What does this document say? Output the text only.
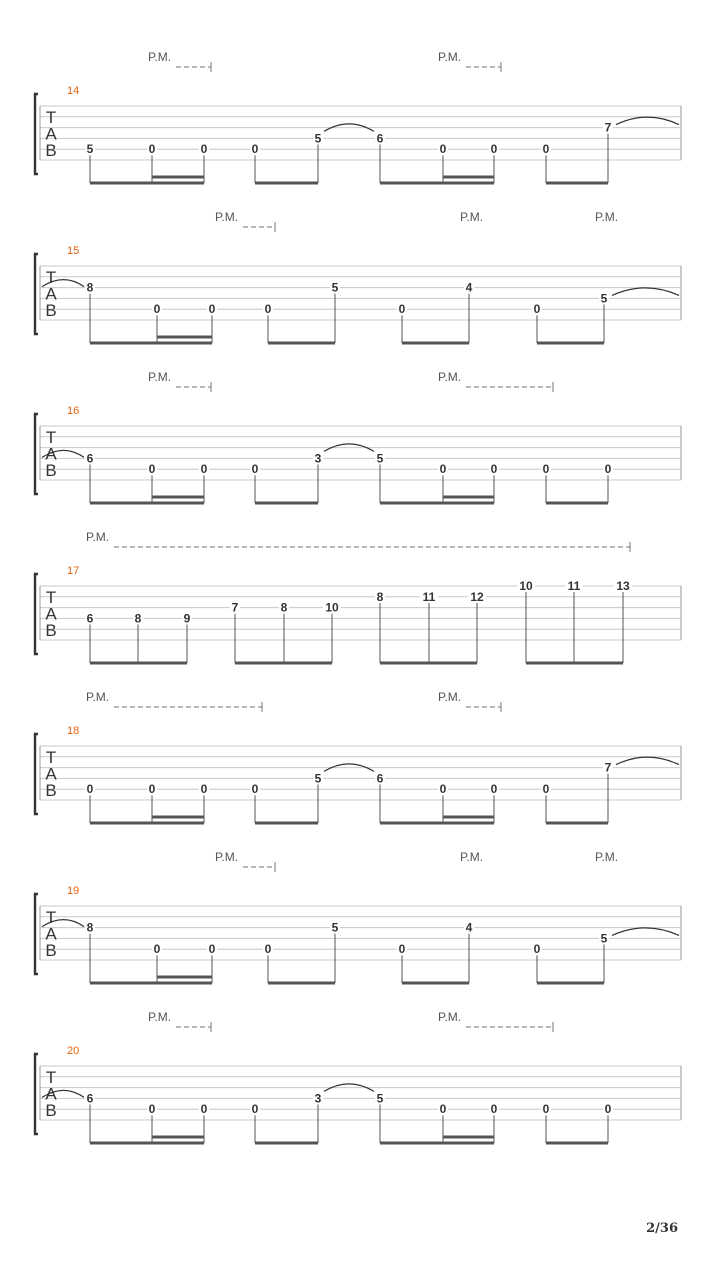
14
T
A
B 5	0	0	0
5	6
0	0	0
7
P.M.	P.M.
15
T
A
B
8
0	0	0
5
0
4
0
5
P.M.	P.M.	P.M.
16
T
A
B
6
0	0	0
3	5
0	0	0	0
P.M.	P.M.
17
T
A
B
6	8	9
7	8	10
8	11	12
10	11	13
P.M.
18
T
A
B 0	0	0	0
5	6
0	0	0
7
P.M.	P.M.
19
T
A
B
8
0	0	0
5
0
4
0
5
P.M.	P.M.	P.M.
20
T
A
B
6
0	0	0
3	5
0	0	0	0
P.M.	P.M.
2/36
